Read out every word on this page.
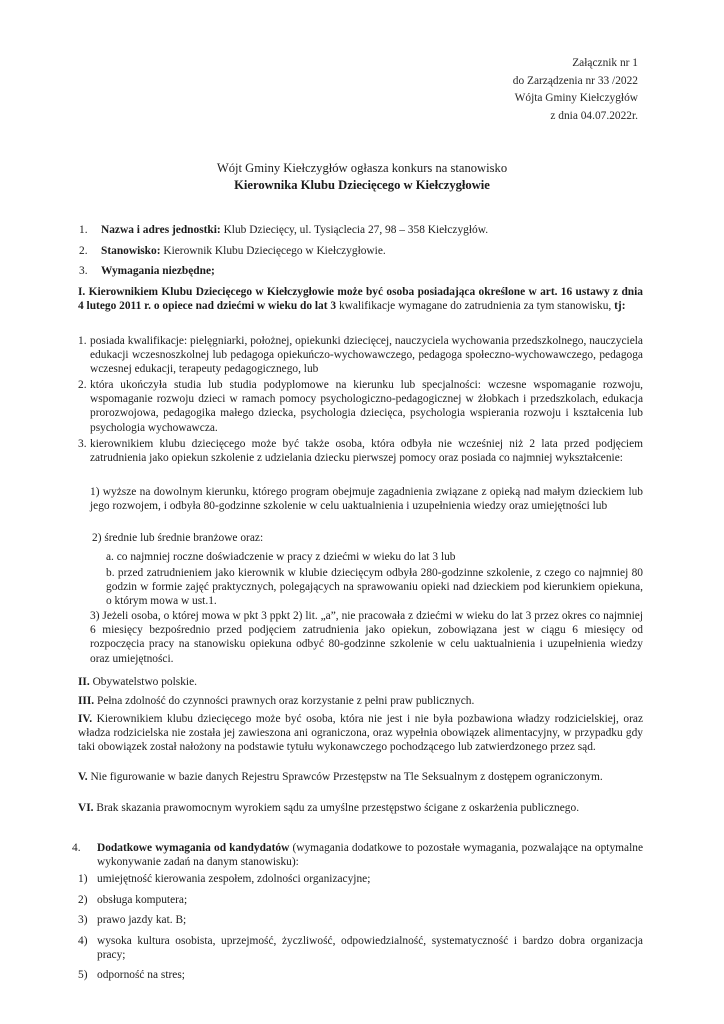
Załącznik nr 1
do Zarządzenia nr 33 /2022
Wójta Gminy Kiełczygłów
z dnia 04.07.2022r.
Wójt Gminy Kiełczygłów ogłasza konkurs na stanowisko
Kierownika Klubu Dziecięcego w Kiełczygłowie
1. Nazwa i adres jednostki: Klub Dziecięcy, ul. Tysiąclecia 27, 98 – 358 Kiełczygłów.
2. Stanowisko: Kierownik Klubu Dziecięcego w Kiełczygłowie.
3. Wymagania niezbędne;
I. Kierownikiem Klubu Dziecięcego w Kiełczygłowie może być osoba posiadająca określone w art. 16 ustawy z dnia 4 lutego 2011 r. o opiece nad dziećmi w wieku do lat 3 kwalifikacje wymagane do zatrudnienia za tym stanowisku, tj:
1. posiada kwalifikacje: pielęgniarki, położnej, opiekunki dziecięcej, nauczyciela wychowania przedszkolnego, nauczyciela edukacji wczesnoszkolnej lub pedagoga opiekuńczo-wychowawczego, pedagoga społeczno-wychowawczego, pedagoga wczesnej edukacji, terapeuty pedagogicznego, lub
2. która ukończyła studia lub studia podyplomowe na kierunku lub specjalności: wczesne wspomaganie rozwoju, wspomaganie rozwoju dzieci w ramach pomocy psychologiczno-pedagogicznej w żłobkach i przedszkolach, edukacja prorozwojowa, pedagogika małego dziecka, psychologia dziecięca, psychologia wspierania rozwoju i kształcenia lub psychologia wychowawcza.
3. kierownikiem klubu dziecięcego może być także osoba, która odbyła nie wcześniej niż 2 lata przed podjęciem zatrudnienia jako opiekun szkolenie z udzielania dziecku pierwszej pomocy oraz posiada co najmniej wykształcenie:
1) wyższe na dowolnym kierunku, którego program obejmuje zagadnienia związane z opieką nad małym dzieckiem lub jego rozwojem, i odbyła 80-godzinne szkolenie w celu uaktualnienia i uzupełnienia wiedzy oraz umiejętności lub
2) średnie lub średnie branżowe oraz:
a. co najmniej roczne doświadczenie w pracy z dziećmi w wieku do lat 3 lub
b. przed zatrudnieniem jako kierownik w klubie dziecięcym odbyła 280-godzinne szkolenie, z czego co najmniej 80 godzin w formie zajęć praktycznych, polegających na sprawowaniu opieki nad dzieckiem pod kierunkiem opiekuna, o którym mowa w ust.1.
3) Jeżeli osoba, o której mowa w pkt 3 ppkt 2) lit. „a”, nie pracowała z dziećmi w wieku do lat 3 przez okres co najmniej 6 miesięcy bezpośrednio przed podjęciem zatrudnienia jako opiekun, zobowiązana jest w ciągu 6 miesięcy od rozpoczęcia pracy na stanowisku opiekuna odbyć 80-godzinne szkolenie w celu uaktualnienia i uzupełnienia wiedzy oraz umiejętności.
II. Obywatelstwo polskie.
III. Pełna zdolność do czynności prawnych oraz korzystanie z pełni praw publicznych.
IV. Kierownikiem klubu dziecięcego może być osoba, która nie jest i nie była pozbawiona władzy rodzicielskiej, oraz władza rodzicielska nie została jej zawieszona ani ograniczona, oraz wypełnia obowiązek alimentacyjny, w przypadku gdy taki obowiązek został nałożony na podstawie tytułu wykonawczego pochodzącego lub zatwierdzonego przez sąd.
V. Nie figurowanie w bazie danych Rejestru Sprawców Przestępstw na Tle Seksualnym z dostępem ograniczonym.
VI. Brak skazania prawomocnym wyrokiem sądu za umyślne przestępstwo ścigane z oskarżenia publicznego.
4. Dodatkowe wymagania od kandydatów (wymagania dodatkowe to pozostałe wymagania, pozwalające na optymalne wykonywanie zadań na danym stanowisku):
1) umiejętność kierowania zespołem, zdolności organizacyjne;
2) obsługa komputera;
3) prawo jazdy kat. B;
4) wysoka kultura osobista, uprzejmość, życzliwość, odpowiedzialność, systematyczność i bardzo dobra organizacja pracy;
5) odporność na stres;
